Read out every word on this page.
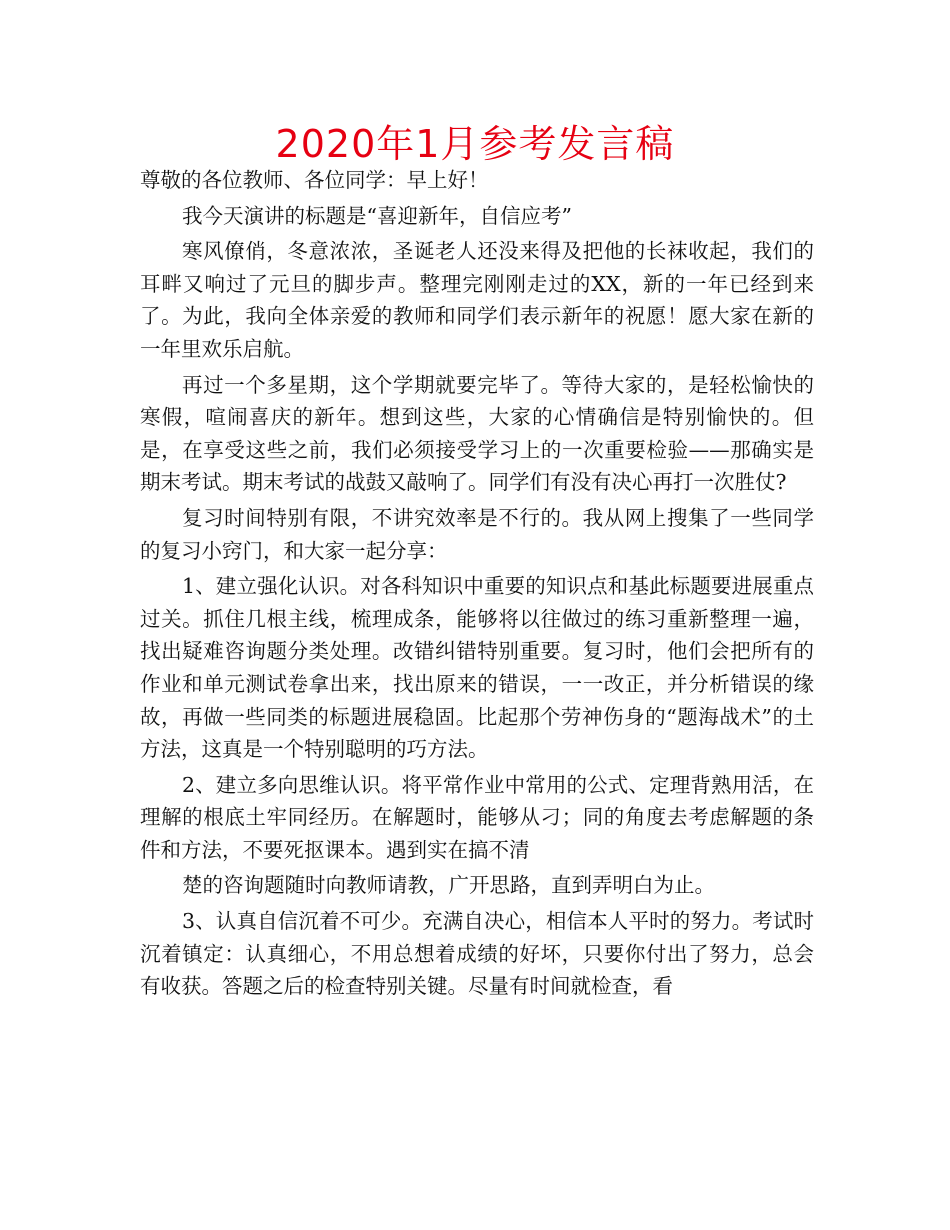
2020年1月参考发言稿

尊敬的各位教师、各位同学：早上好！

我今天演讲的标题是“喜迎新年，自信应考”

寒风僚俏，冬意浓浓，圣诞老人还没来得及把他的长袜收起，我们的耳畔又响过了元旦的脚步声。整理完刚刚走过的XX，新的一年已经到来了。为此，我向全体亲爱的教师和同学们表示新年的祝愿！愿大家在新的一年里欢乐启航。

再过一个多星期，这个学期就要完毕了。等待大家的，是轻松愉快的寒假，喧闹喜庆的新年。想到这些，大家的心情确信是特别愉快的。但是，在享受这些之前，我们必须接受学习上的一次重要检验——那确实是期末考试。期末考试的战鼓又敲响了。同学们有没有决心再打一次胜仗?

复习时间特别有限，不讲究效率是不行的。我从网上搜集了一些同学的复习小窍门，和大家一起分享：

1、建立强化认识。对各科知识中重要的知识点和基此标题要进展重点过关。抓住几根主线，梳理成条，能够将以往做过的练习重新整理一遍，找出疑难咨询题分类处理。改错纠错特别重要。复习时，他们会把所有的作业和单元测试卷拿出来，找出原来的错误，一一改正，并分析错误的缘故，再做一些同类的标题进展稳固。比起那个劳神伤身的“题海战术”的土方法，这真是一个特别聪明的巧方法。

2、建立多向思维认识。将平常作业中常用的公式、定理背熟用活，在理解的根底土牢同经历。在解题时，能够从刁；同的角度去考虑解题的条件和方法，不要死抠课本。遇到实在搞不清

楚的咨询题随时向教师请教，广开思路，直到弄明白为止。

3、认真自信沉着不可少。充满自决心，相信本人平时的努力。考试时沉着镇定：认真细心，不用总想着成绩的好坏，只要你付出了努力，总会有收获。答题之后的检查特别关键。尽量有时间就检查，看
